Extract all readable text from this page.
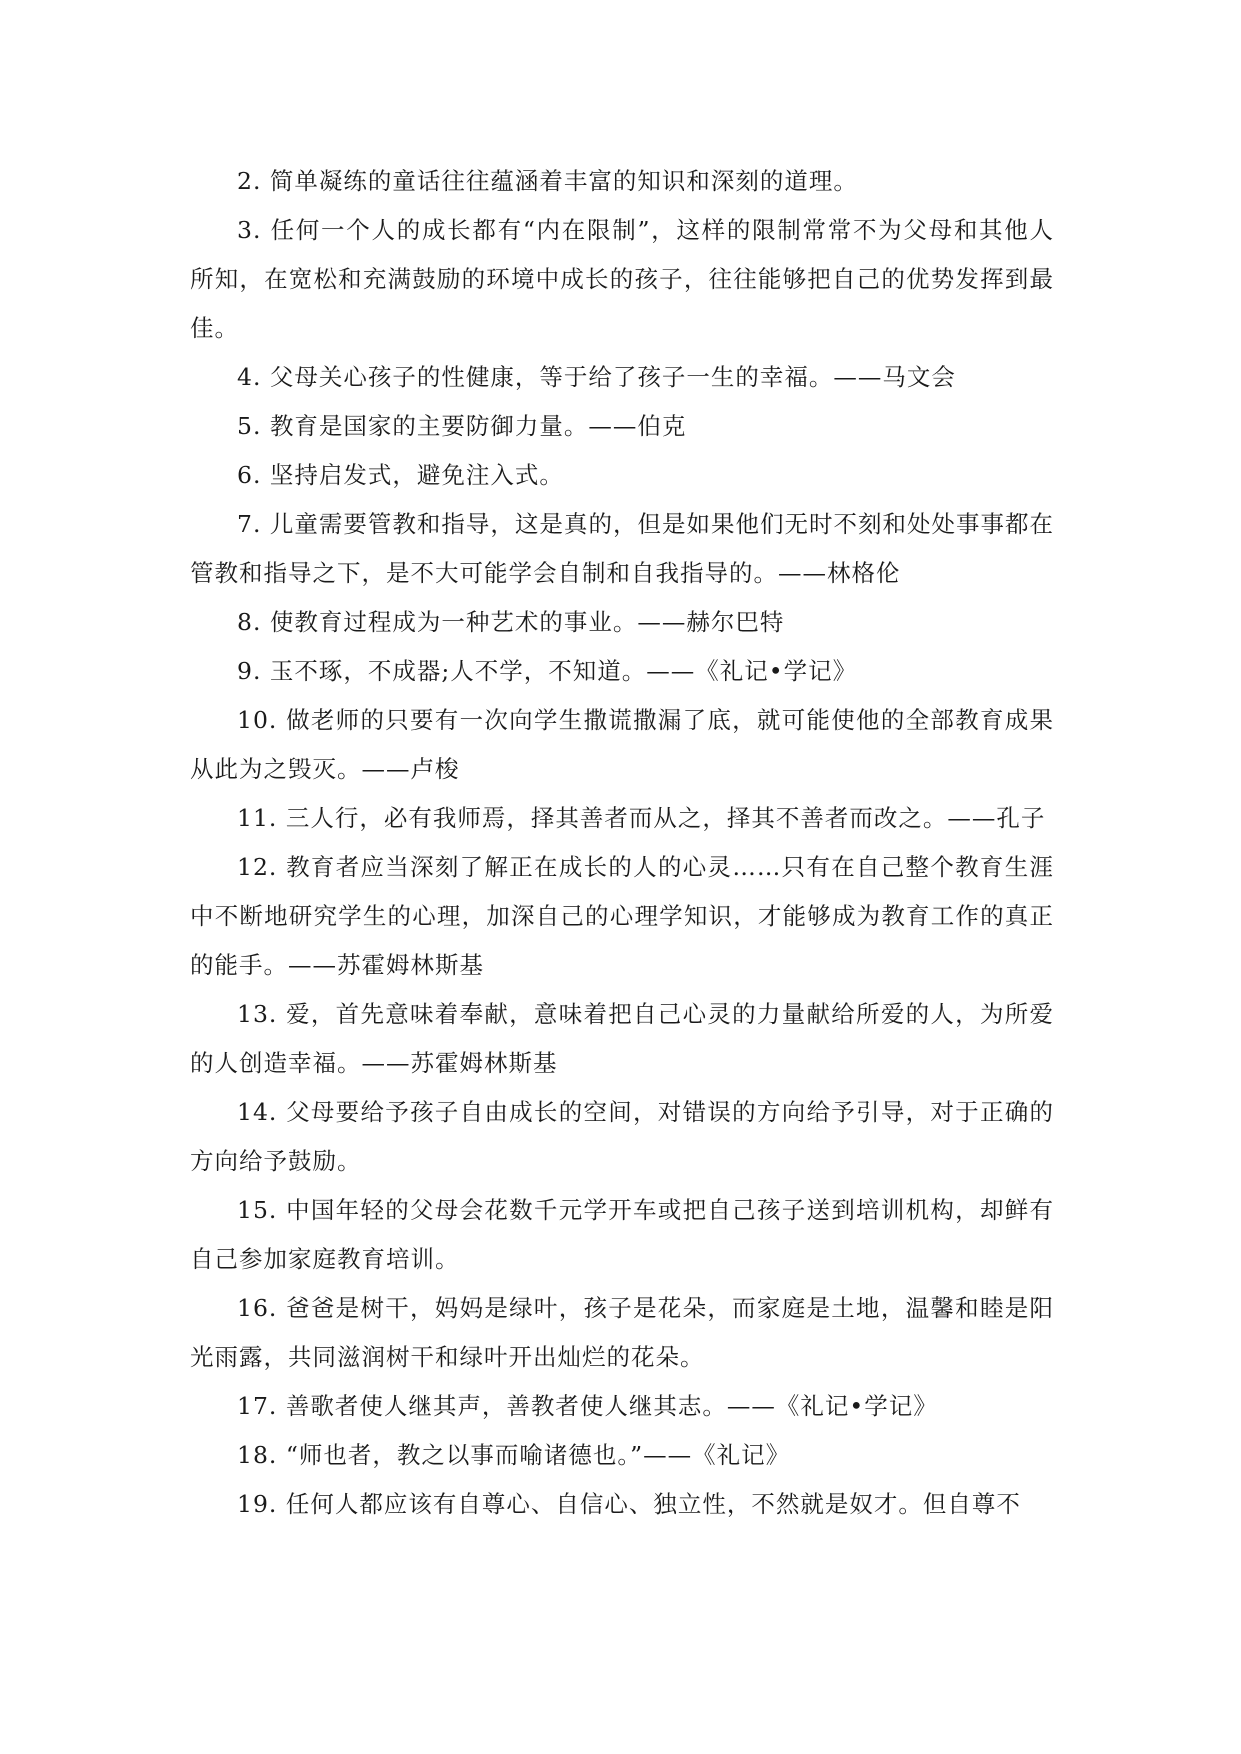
2. 简单凝练的童话往往蕴涵着丰富的知识和深刻的道理。

3. 任何一个人的成长都有“内在限制”，这样的限制常常不为父母和其他人所知，在宽松和充满鼓励的环境中成长的孩子，往往能够把自己的优势发挥到最佳。

4. 父母关心孩子的性健康，等于给了孩子一生的幸福。——马文会

5. 教育是国家的主要防御力量。——伯克

6. 坚持启发式，避免注入式。

7. 儿童需要管教和指导，这是真的，但是如果他们无时不刻和处处事事都在管教和指导之下，是不大可能学会自制和自我指导的。——林格伦

8. 使教育过程成为一种艺术的事业。——赫尔巴特

9. 玉不琢，不成器;人不学，不知道。——《礼记•学记》

10. 做老师的只要有一次向学生撒谎撒漏了底，就可能使他的全部教育成果从此为之毁灭。——卢梭

11. 三人行，必有我师焉，择其善者而从之，择其不善者而改之。——孔子

12. 教育者应当深刻了解正在成长的人的心灵……只有在自己整个教育生涯中不断地研究学生的心理，加深自己的心理学知识，才能够成为教育工作的真正的能手。——苏霍姆林斯基

13. 爱，首先意味着奉献，意味着把自己心灵的力量献给所爱的人，为所爱的人创造幸福。——苏霍姆林斯基

14. 父母要给予孩子自由成长的空间，对错误的方向给予引导，对于正确的方向给予鼓励。

15. 中国年轻的父母会花数千元学开车或把自己孩子送到培训机构，却鲜有自己参加家庭教育培训。

16. 爸爸是树干，妈妈是绿叶，孩子是花朵，而家庭是土地，温馨和睦是阳光雨露，共同滋润树干和绿叶开出灿烂的花朵。

17. 善歌者使人继其声，善教者使人继其志。——《礼记•学记》

18. “师也者，教之以事而喻诸德也。”——《礼记》

19. 任何人都应该有自尊心、自信心、独立性，不然就是奴才。但自尊不
